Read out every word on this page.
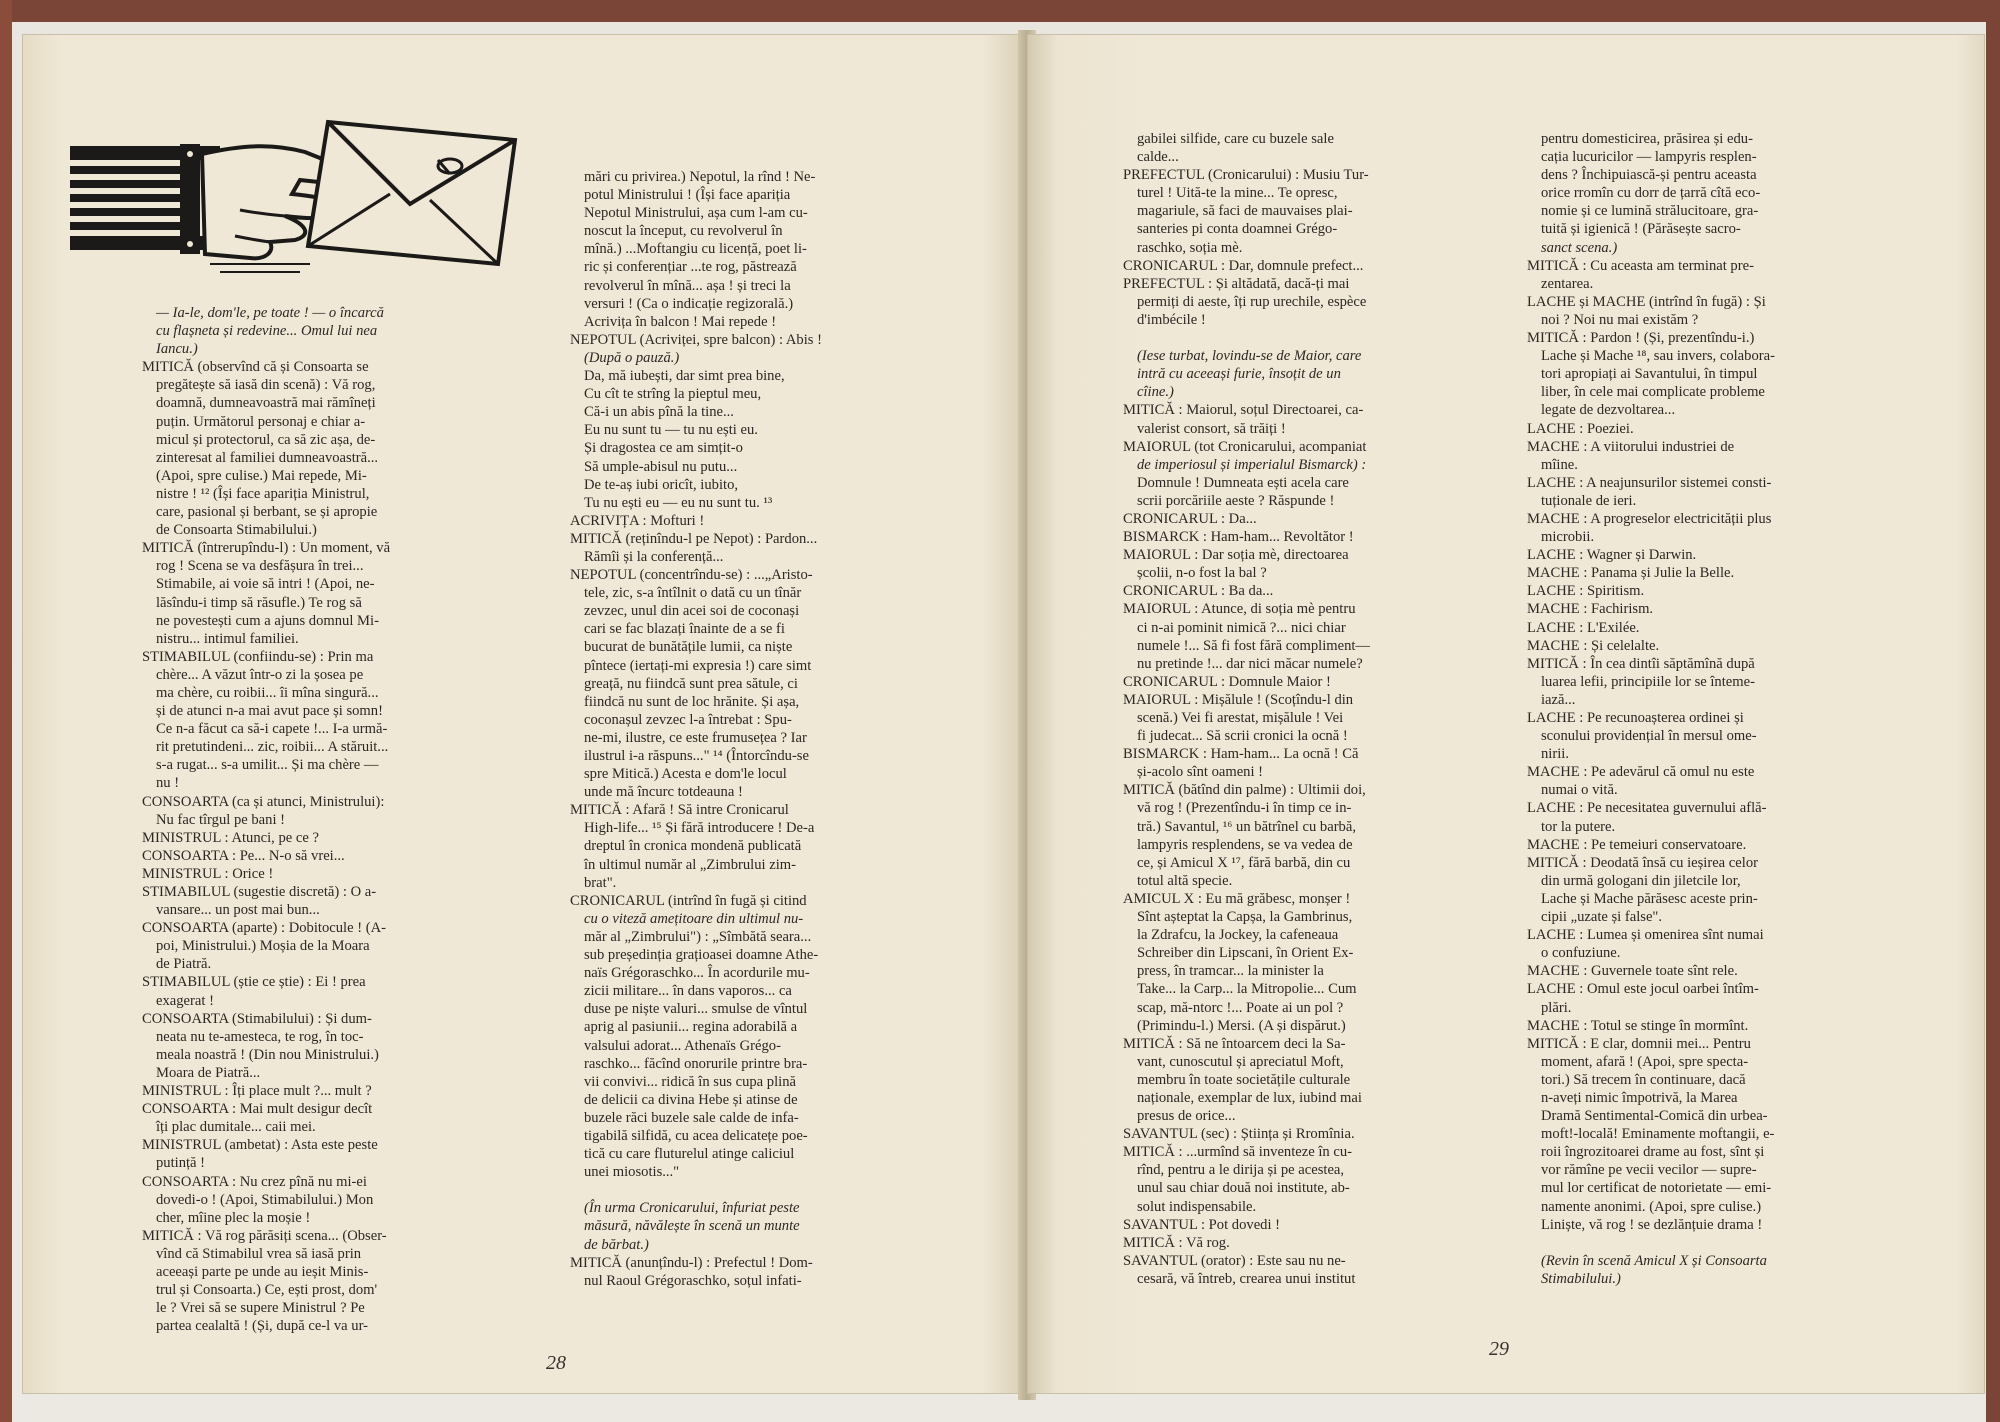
— Ia-le, dom'le, pe toate ! — o încarcă
cu flașneta și redevine... Omul lui nea
Iancu.)
MITICĂ (observînd că și Consoarta se
pregătește să iasă din scenă) : Vă rog,
doamnă, dumneavoastră mai rămîneți
puțin. Următorul personaj e chiar a-
micul și protectorul, ca să zic așa, de-
zinteresat al familiei dumneavoastră...
(Apoi, spre culise.) Mai repede, Mi-
nistre ! ¹² (Își face apariția Ministrul,
care, pasional și berbant, se și apropie
de Consoarta Stimabilului.)
MITICĂ (întrerupîndu-l) : Un moment, vă
rog ! Scena se va desfășura în trei...
Stimabile, ai voie să intri ! (Apoi, ne-
lăsîndu-i timp să răsufle.) Te rog să
ne povestești cum a ajuns domnul Mi-
nistru... intimul familiei.
STIMABILUL (confiindu-se) : Prin ma
chère... A văzut într-o zi la șosea pe
ma chère, cu roibii... îi mîna singură...
și de atunci n-a mai avut pace și somn!
Ce n-a făcut ca să-i capete !... I-a urmă-
rit pretutindeni... zic, roibii... A stăruit...
s-a rugat... s-a umilit... Și ma chère —
nu !
CONSOARTA (ca și atunci, Ministrului):
Nu fac tîrgul pe bani !
MINISTRUL : Atunci, pe ce ?
CONSOARTA : Pe... N-o să vrei...
MINISTRUL : Orice !
STIMABILUL (sugestie discretă) : O a-
vansare... un post mai bun...
CONSOARTA (aparte) : Dobitocule ! (A-
poi, Ministrului.) Moșia de la Moara
de Piatră.
STIMABILUL (știe ce știe) : Ei ! prea
exagerat !
CONSOARTA (Stimabilului) : Și dum-
neata nu te-amesteca, te rog, în toc-
meala noastră ! (Din nou Ministrului.)
Moara de Piatră...
MINISTRUL : Îți place mult ?... mult ?
CONSOARTA : Mai mult desigur decît
îți plac dumitale... caii mei.
MINISTRUL (ambetat) : Asta este peste
putință !
CONSOARTA : Nu crez pînă nu mi-ei
dovedi-o ! (Apoi, Stimabilului.) Mon
cher, mîine plec la moșie !
MITICĂ : Vă rog părăsiți scena... (Obser-
vînd că Stimabilul vrea să iasă prin
aceeași parte pe unde au ieșit Minis-
trul și Consoarta.) Ce, ești prost, dom'
le ? Vrei să se supere Ministrul ? Pe
partea cealaltă ! (Și, după ce-l va ur-
mări cu privirea.) Nepotul, la rînd ! Ne-
potul Ministrului ! (Își face apariția
Nepotul Ministrului, așa cum l-am cu-
noscut la început, cu revolverul în
mînă.) ...Moftangiu cu licență, poet li-
ric și conferențiar ...te rog, păstrează
revolverul în mînă... așa ! și treci la
versuri ! (Ca o indicație regizorală.)
Acrivița în balcon ! Mai repede !
NEPOTUL (Acriviței, spre balcon) : Abis !
(După o pauză.)
Da, mă iubești, dar simt prea bine,
Cu cît te strîng la pieptul meu,
Că-i un abis pînă la tine...
Eu nu sunt tu — tu nu ești eu.
Și dragostea ce am simțit-o
Să umple-abisul nu putu...
De te-aș iubi oricît, iubito,
Tu nu ești eu — eu nu sunt tu. ¹³
ACRIVIȚA : Mofturi !
MITICĂ (reținîndu-l pe Nepot) : Pardon...
Rămîi și la conferență...
NEPOTUL (concentrîndu-se) : ...„Aristo-
tele, zic, s-a întîlnit o dată cu un tînăr
zevzec, unul din acei soi de coconași
cari se fac blazați înainte de a se fi
bucurat de bunătățile lumii, ca niște
pîntece (iertați-mi expresia !) care simt
greață, nu fiindcă sunt prea sătule, ci
fiindcă nu sunt de loc hrănite. Și așa,
coconașul zevzec l-a întrebat : Spu-
ne-mi, ilustre, ce este frumusețea ? Iar
ilustrul i-a răspuns..." ¹⁴ (Întorcîndu-se
spre Mitică.) Acesta e dom'le locul
unde mă încurc totdeauna !
MITICĂ : Afară ! Să intre Cronicarul
High-life... ¹⁵ Și fără introducere ! De-a
dreptul în cronica mondenă publicată
în ultimul număr al „Zimbrului zim-
brat".
CRONICARUL (intrînd în fugă și citind
cu o viteză amețitoare din ultimul nu-
măr al „Zimbrului") : „Sîmbătă seara...
sub președinția grațioasei doamne Athe-
naïs Grégoraschko... În acordurile mu-
zicii militare... în dans vaporos... ca
duse pe niște valuri... smulse de vîntul
aprig al pasiunii... regina adorabilă a
valsului adorat... Athenaïs Grégo-
raschko... făcînd onorurile printre bra-
vii convivi... ridică în sus cupa plină
de delicii ca divina Hebe și atinse de
buzele răci buzele sale calde de infa-
tigabilă silfidă, cu acea delicatețe poe-
tică cu care fluturelul atinge caliciul
unei miosotis..."
(În urma Cronicarului, înfuriat peste
măsură, năvălește în scenă un munte
de bărbat.)
MITICĂ (anunțîndu-l) : Prefectul ! Dom-
nul Raoul Grégoraschko, soțul infati-
28
gabilei silfide, care cu buzele sale
calde...
PREFECTUL (Cronicarului) : Musiu Tur-
turel ! Uită-te la mine... Te opresc,
magariule, să faci de mauvaises plai-
santeries pi conta doamnei Grégo-
raschko, soția mè.
CRONICARUL : Dar, domnule prefect...
PREFECTUL : Și altădată, dacă-ți mai
permiți di aeste, îți rup urechile, espèce
d'imbécile !
(Iese turbat, lovindu-se de Maior, care
intră cu aceeași furie, însoțit de un
cîine.)
MITICĂ : Maiorul, soțul Directoarei, ca-
valerist consort, să trăiți !
MAIORUL (tot Cronicarului, acompaniat
de imperiosul și imperialul Bismarck) :
Domnule ! Dumneata ești acela care
scrii porcăriile aeste ? Răspunde !
CRONICARUL : Da...
BISMARCK : Ham-ham... Revoltător !
MAIORUL : Dar soția mè, directoarea
școlii, n-o fost la bal ?
CRONICARUL : Ba da...
MAIORUL : Atunce, di soția mè pentru
ci n-ai pominit nimică ?... nici chiar
numele !... Să fi fost fără compliment—
nu pretinde !... dar nici măcar numele?
CRONICARUL : Domnule Maior !
MAIORUL : Mișălule ! (Scoțîndu-l din
scenă.) Vei fi arestat, mișălule ! Vei
fi judecat... Să scrii cronici la ocnă !
BISMARCK : Ham-ham... La ocnă ! Că
și-acolo sînt oameni !
MITICĂ (bătînd din palme) : Ultimii doi,
vă rog ! (Prezentîndu-i în timp ce in-
tră.) Savantul, ¹⁶ un bătrînel cu barbă,
lampyris resplendens, se va vedea de
ce, și Amicul X ¹⁷, fără barbă, din cu
totul altă specie.
AMICUL X : Eu mă grăbesc, monșer !
Sînt așteptat la Capșa, la Gambrinus,
la Zdrafcu, la Jockey, la cafeneaua
Schreiber din Lipscani, în Orient Ex-
press, în tramcar... la minister la
Take... la Carp... la Mitropolie... Cum
scap, mă-ntorc !... Poate ai un pol ?
(Primindu-l.) Mersi. (A și dispărut.)
MITICĂ : Să ne întoarcem deci la Sa-
vant, cunoscutul și apreciatul Moft,
membru în toate societățile culturale
naționale, exemplar de lux, iubind mai
presus de orice...
SAVANTUL (sec) : Știința și Rromînia.
MITICĂ : ...urmînd să inventeze în cu-
rînd, pentru a le dirija și pe acestea,
unul sau chiar două noi institute, ab-
solut indispensabile.
SAVANTUL : Pot dovedi !
MITICĂ : Vă rog.
SAVANTUL (orator) : Este sau nu ne-
cesară, vă întreb, crearea unui institut
pentru domesticirea, prăsirea și edu-
cația lucuricilor — lampyris resplen-
dens ? Închipuiască-și pentru aceasta
orice rromîn cu dorr de țarră cîtă eco-
nomie și ce lumină strălucitoare, gra-
tuită și igienică ! (Părăsește sacro-
sanct scena.)
MITICĂ : Cu aceasta am terminat pre-
zentarea.
LACHE și MACHE (intrînd în fugă) : Și
noi ? Noi nu mai existăm ?
MITICĂ : Pardon ! (Și, prezentîndu-i.)
Lache și Mache ¹⁸, sau invers, colabora-
tori apropiați ai Savantului, în timpul
liber, în cele mai complicate probleme
legate de dezvoltarea...
LACHE : Poeziei.
MACHE : A viitorului industriei de
mîine.
LACHE : A neajunsurilor sistemei consti-
tuționale de ieri.
MACHE : A progreselor electricității plus
microbii.
LACHE : Wagner și Darwin.
MACHE : Panama și Julie la Belle.
LACHE : Spiritism.
MACHE : Fachirism.
LACHE : L'Exilée.
MACHE : Și celelalte.
MITICĂ : În cea dintîi săptămînă după
luarea lefii, principiile lor se înteme-
iază...
LACHE : Pe recunoașterea ordinei și
sconului providențial în mersul ome-
nirii.
MACHE : Pe adevărul că omul nu este
numai o vită.
LACHE : Pe necesitatea guvernului află-
tor la putere.
MACHE : Pe temeiuri conservatoare.
MITICĂ : Deodată însă cu ieșirea celor
din urmă gologani din jiletcile lor,
Lache și Mache părăsesc aceste prin-
cipii „uzate și false".
LACHE : Lumea și omenirea sînt numai
o confuziune.
MACHE : Guvernele toate sînt rele.
LACHE : Omul este jocul oarbei întîm-
plări.
MACHE : Totul se stinge în mormînt.
MITICĂ : E clar, domnii mei... Pentru
moment, afară ! (Apoi, spre specta-
tori.) Să trecem în continuare, dacă
n-aveți nimic împotrivă, la Marea
Dramă Sentimental-Comică din urbea-
moft!-locală! Eminamente moftangii, e-
roii îngrozitoarei drame au fost, sînt și
vor rămîne pe vecii vecilor — supre-
mul lor certificat de notorietate — emi-
namente anonimi. (Apoi, spre culise.)
Liniște, vă rog ! se dezlănțuie drama !
(Revin în scenă Amicul X și Consoarta
Stimabilului.)
29
